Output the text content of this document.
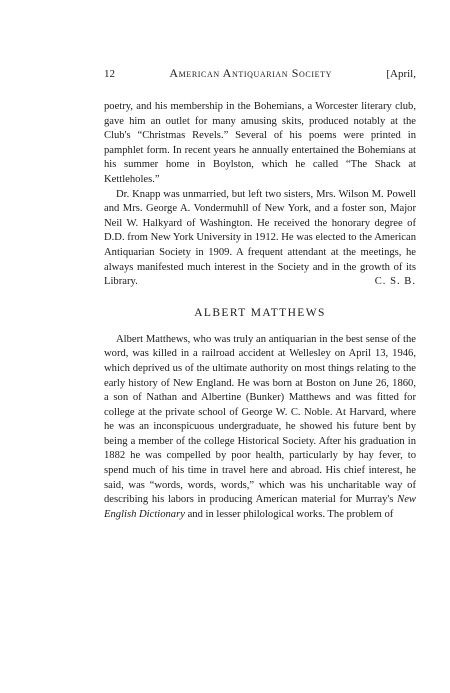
12	American Antiquarian Society	[April,

poetry, and his membership in the Bohemians, a Worcester literary club, gave him an outlet for many amusing skits, produced notably at the Club's “Christmas Revels.” Several of his poems were printed in pamphlet form. In recent years he annually entertained the Bohemians at his summer home in Boylston, which he called “The Shack at Kettleholes.”

Dr. Knapp was unmarried, but left two sisters, Mrs. Wilson M. Powell and Mrs. George A. Vondermuhll of New York, and a foster son, Major Neil W. Halkyard of Washington. He received the honorary degree of D.D. from New York University in 1912. He was elected to the American Antiquarian Society in 1909. A frequent attendant at the meetings, he always manifested much interest in the Society and in the growth of its Library.	C. S. B.

ALBERT MATTHEWS

Albert Matthews, who was truly an antiquarian in the best sense of the word, was killed in a railroad accident at Wellesley on April 13, 1946, which deprived us of the ultimate authority on most things relating to the early history of New England. He was born at Boston on June 26, 1860, a son of Nathan and Albertine (Bunker) Matthews and was fitted for college at the private school of George W. C. Noble. At Harvard, where he was an inconspicuous undergraduate, he showed his future bent by being a member of the college Historical Society. After his graduation in 1882 he was compelled by poor health, particularly by hay fever, to spend much of his time in travel here and abroad. His chief interest, he said, was “words, words, words,” which was his uncharitable way of describing his labors in producing American material for Murray's New English Dictionary and in lesser philological works. The problem of
